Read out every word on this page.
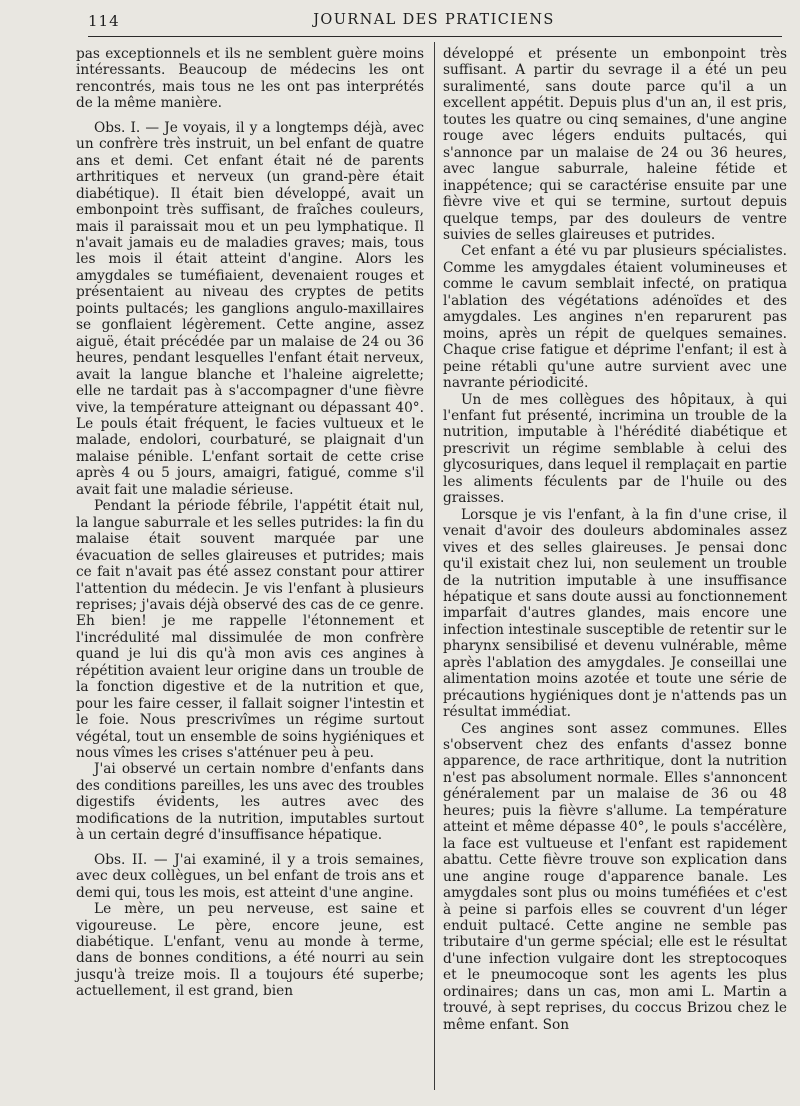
114	JOURNAL DES PRATICIENS

pas exceptionnels et ils ne semblent guère moins intéressants. Beaucoup de médecins les ont rencontrés, mais tous ne les ont pas interprétés de la même manière.

Obs. I. — Je voyais, il y a longtemps déjà, avec un confrère très instruit, un bel enfant de quatre ans et demi. Cet enfant était né de parents arthritiques et nerveux (un grand-père était diabétique). Il était bien développé, avait un embonpoint très suffisant, de fraîches couleurs, mais il paraissait mou et un peu lymphatique. Il n'avait jamais eu de maladies graves; mais, tous les mois il était atteint d'angine. Alors les amygdales se tuméfiaient, devenaient rouges et présentaient au niveau des cryptes de petits points pultacés; les ganglions angulo-maxillaires se gonflaient légèrement. Cette angine, assez aiguë, était précédée par un malaise de 24 ou 36 heures, pendant lesquelles l'enfant était nerveux, avait la langue blanche et l'haleine aigrelette; elle ne tardait pas à s'accompagner d'une fièvre vive, la température atteignant ou dépassant 40°. Le pouls était fréquent, le facies vultueux et le malade, endolori, courbaturé, se plaignait d'un malaise pénible. L'enfant sortait de cette crise après 4 ou 5 jours, amaigri, fatigué, comme s'il avait fait une maladie sérieuse.

Pendant la période fébrile, l'appétit était nul, la langue saburrale et les selles putrides: la fin du malaise était souvent marquée par une évacuation de selles glaireuses et putrides; mais ce fait n'avait pas été assez constant pour attirer l'attention du médecin. Je vis l'enfant à plusieurs reprises; j'avais déjà observé des cas de ce genre. Eh bien! je me rappelle l'étonnement et l'incrédulité mal dissimulée de mon confrère quand je lui dis qu'à mon avis ces angines à répétition avaient leur origine dans un trouble de la fonction digestive et de la nutrition et que, pour les faire cesser, il fallait soigner l'intestin et le foie. Nous prescrivîmes un régime surtout végétal, tout un ensemble de soins hygiéniques et nous vîmes les crises s'atténuer peu à peu.

J'ai observé un certain nombre d'enfants dans des conditions pareilles, les uns avec des troubles digestifs évidents, les autres avec des modifications de la nutrition, imputables surtout à un certain degré d'insuffisance hépatique.

Obs. II. — J'ai examiné, il y a trois semaines, avec deux collègues, un bel enfant de trois ans et demi qui, tous les mois, est atteint d'une angine.

Le mère, un peu nerveuse, est saine et vigoureuse. Le père, encore jeune, est diabétique. L'enfant, venu au monde à terme, dans de bonnes conditions, a été nourri au sein jusqu'à treize mois. Il a toujours été superbe; actuellement, il est grand, bien

développé et présente un embonpoint très suffisant. A partir du sevrage il a été un peu suralimenté, sans doute parce qu'il a un excellent appétit. Depuis plus d'un an, il est pris, toutes les quatre ou cinq semaines, d'une angine rouge avec légers enduits pultacés, qui s'annonce par un malaise de 24 ou 36 heures, avec langue saburrale, haleine fétide et inappétence; qui se caractérise ensuite par une fièvre vive et qui se termine, surtout depuis quelque temps, par des douleurs de ventre suivies de selles glaireuses et putrides.

Cet enfant a été vu par plusieurs spécialistes. Comme les amygdales étaient volumineuses et comme le cavum semblait infecté, on pratiqua l'ablation des végétations adénoïdes et des amygdales. Les angines n'en reparurent pas moins, après un répit de quelques semaines. Chaque crise fatigue et déprime l'enfant; il est à peine rétabli qu'une autre survient avec une navrante périodicité.

Un de mes collègues des hôpitaux, à qui l'enfant fut présenté, incrimina un trouble de la nutrition, imputable à l'hérédité diabétique et prescrivit un régime semblable à celui des glycosuriques, dans lequel il remplaçait en partie les aliments féculents par de l'huile ou des graisses.

Lorsque je vis l'enfant, à la fin d'une crise, il venait d'avoir des douleurs abdominales assez vives et des selles glaireuses. Je pensai donc qu'il existait chez lui, non seulement un trouble de la nutrition imputable à une insuffisance hépatique et sans doute aussi au fonctionnement imparfait d'autres glandes, mais encore une infection intestinale susceptible de retentir sur le pharynx sensibilisé et devenu vulnérable, même après l'ablation des amygdales. Je conseillai une alimentation moins azotée et toute une série de précautions hygiéniques dont je n'attends pas un résultat immédiat.

Ces angines sont assez communes. Elles s'observent chez des enfants d'assez bonne apparence, de race arthritique, dont la nutrition n'est pas absolument normale. Elles s'annoncent généralement par un malaise de 36 ou 48 heures; puis la fièvre s'allume. La température atteint et même dépasse 40°, le pouls s'accélère, la face est vultueuse et l'enfant est rapidement abattu. Cette fièvre trouve son explication dans une angine rouge d'apparence banale. Les amygdales sont plus ou moins tuméfiées et c'est à peine si parfois elles se couvrent d'un léger enduit pultacé. Cette angine ne semble pas tributaire d'un germe spécial; elle est le résultat d'une infection vulgaire dont les streptocoques et le pneumocoque sont les agents les plus ordinaires; dans un cas, mon ami L. Martin a trouvé, à sept reprises, du coccus Brizou chez le même enfant. Son
